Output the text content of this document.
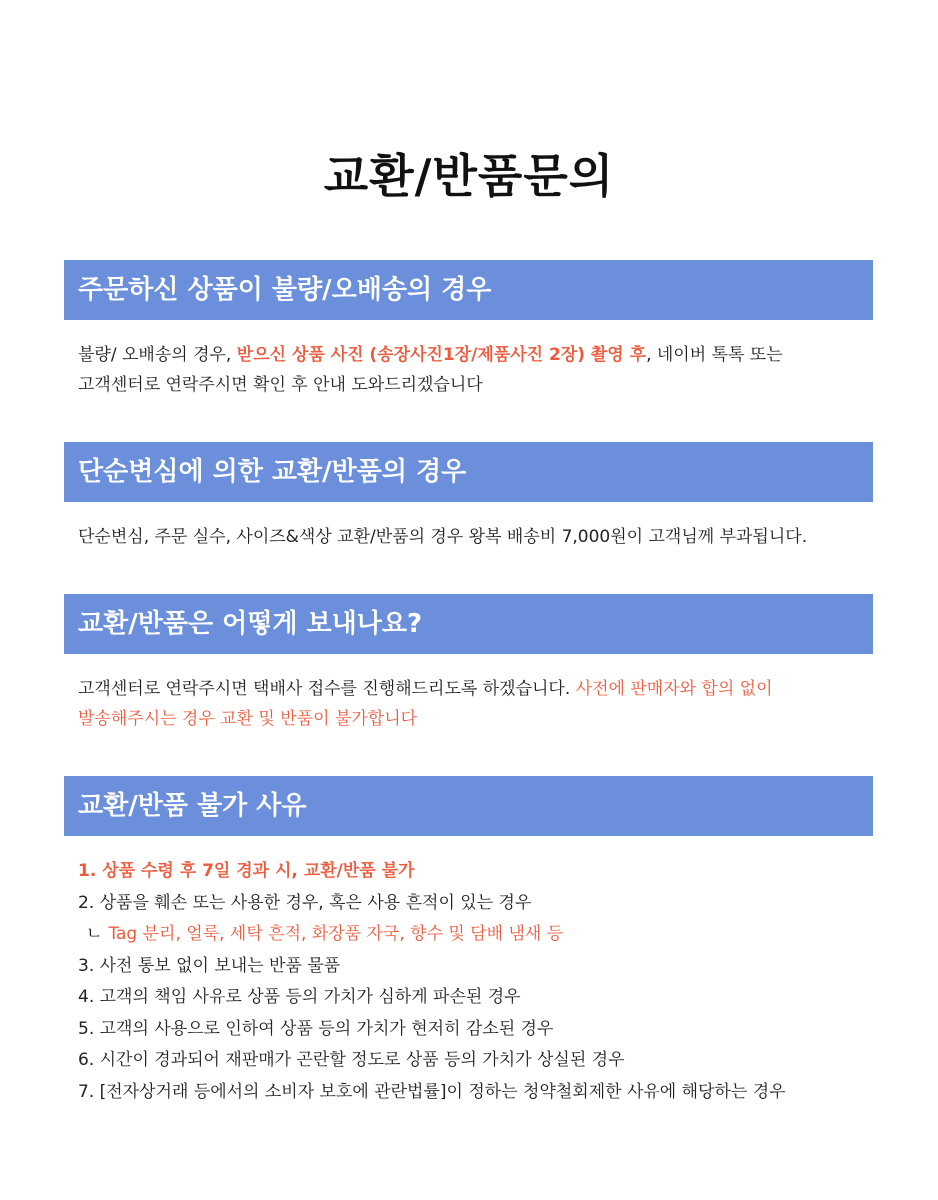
교환/반품문의
주문하신 상품이 불량/오배송의 경우
불량/ 오배송의 경우, 받으신 상품 사진 (송장사진1장/제품사진 2장) 촬영 후, 네이버 톡톡 또는
고객센터로 연락주시면 확인 후 안내 도와드리겠습니다
단순변심에 의한 교환/반품의 경우
단순변심, 주문 실수, 사이즈&색상 교환/반품의 경우 왕복 배송비 7,000원이 고객님께 부과됩니다.
교환/반품은 어떻게 보내나요?
고객센터로 연락주시면 택배사 접수를 진행해드리도록 하겠습니다. 사전에 판매자와 합의 없이
발송해주시는 경우 교환 및 반품이 불가합니다
교환/반품 불가 사유
1. 상품 수령 후 7일 경과 시, 교환/반품 불가
2. 상품을 훼손 또는 사용한 경우, 혹은 사용 흔적이 있는 경우
ㄴ Tag 분리, 얼룩, 세탁 흔적, 화장품 자국, 향수 및 담배 냄새 등
3. 사전 통보 없이 보내는 반품 물품
4. 고객의 책임 사유로 상품 등의 가치가 심하게 파손된 경우
5. 고객의 사용으로 인하여 상품 등의 가치가 현저히 감소된 경우
6. 시간이 경과되어 재판매가 곤란할 정도로 상품 등의 가치가 상실된 경우
7. [전자상거래 등에서의 소비자 보호에 관란법률]이 정하는 청약철회제한 사유에 해당하는 경우
